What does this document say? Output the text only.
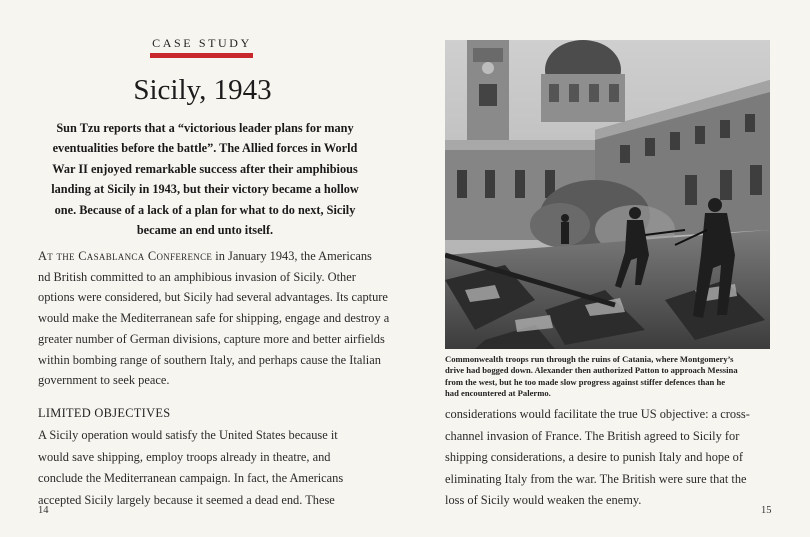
CASE STUDY
Sicily, 1943

Sun Tzu reports that a “victorious leader plans for many

eventualities before the battle”. The Allied forces in World

War II enjoyed remarkable success after their amphibious

landing at Sicily in 1943, but their victory became a hollow

one. Because of a lack of a plan for what to do next, Sicily

became an end unto itself.

At the Casablanca Conference in January 1943, the Americans

nd British committed to an amphibious invasion of Sicily. Other

options were considered, but Sicily had several advantages. Its capture

would make the Mediterranean safe for shipping, engage and destroy a

greater number of German divisions, capture more and better airfields

within bombing range of southern Italy, and perhaps cause the Italian

government to seek peace.

LIMITED OBJECTIVES

A Sicily operation would satisfy the United States because it

would save shipping, employ troops already in theatre, and

conclude the Mediterranean campaign. In fact, the Americans

accepted Sicily largely because it seemed a dead end. These

14

Commonwealth troops run through the ruins of Catania, where Montgomery’s

drive had bogged down. Alexander then authorized Patton to approach Messina

from the west, but he too made slow progress against stiffer defences than he

had encountered at Palermo.

considerations would facilitate the true US objective: a cross-

channel invasion of France. The British agreed to Sicily for

shipping considerations, a desire to punish Italy and hope of

eliminating Italy from the war. The British were sure that the

loss of Sicily would weaken the enemy.

15
